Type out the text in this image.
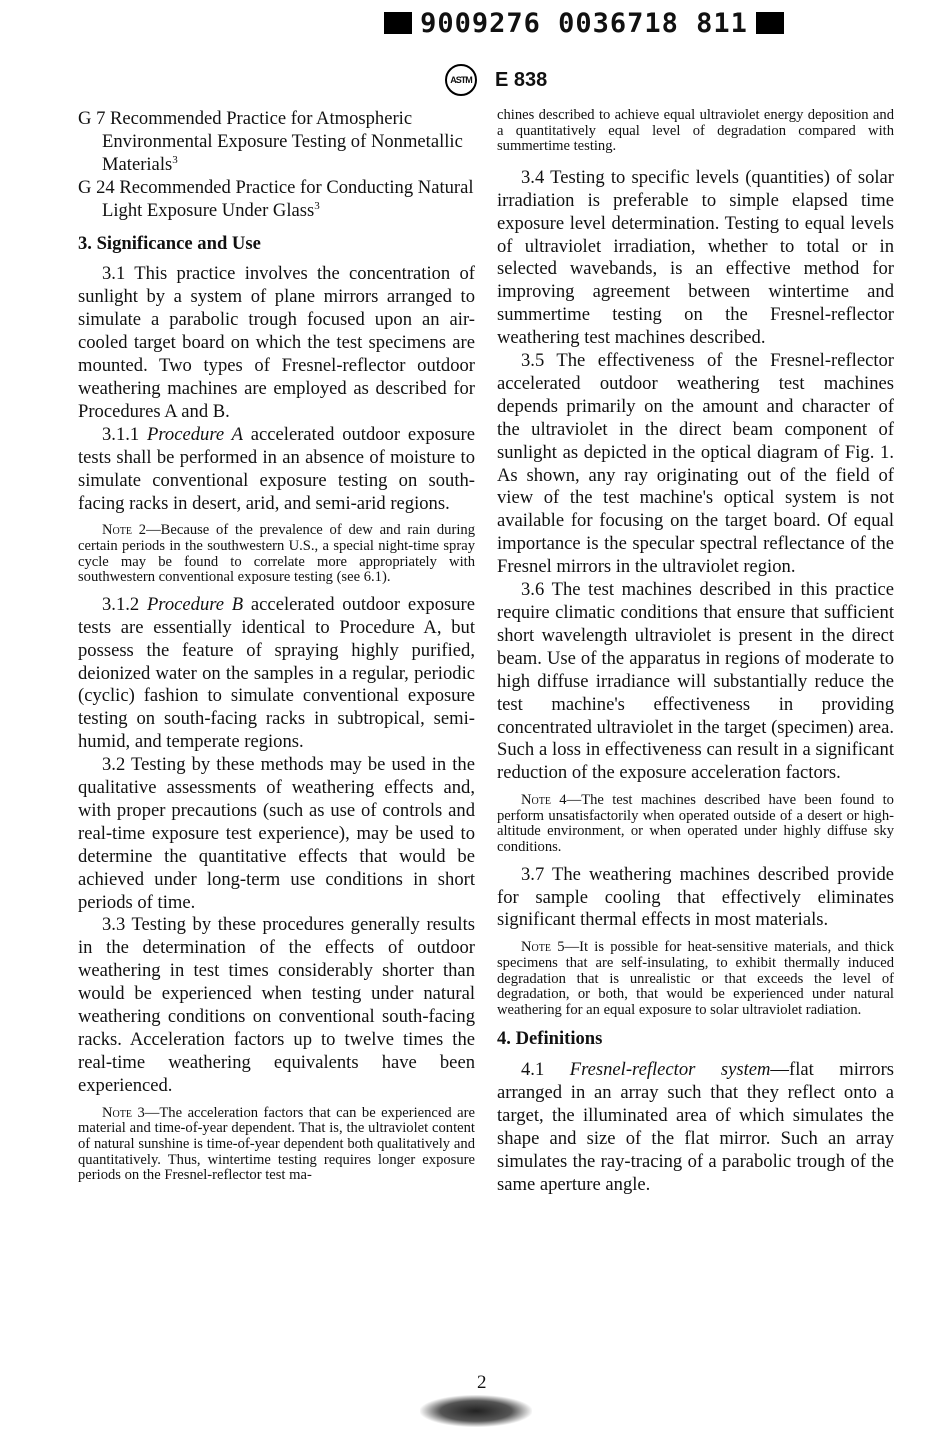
9009276 0036718 811
ASTM E 838

G 7 Recommended Practice for Atmospheric Environmental Exposure Testing of Nonmetallic Materials$^3$

G 24 Recommended Practice for Conducting Natural Light Exposure Under Glass$^3$

3. Significance and Use

3.1 This practice involves the concentration of sunlight by a system of plane mirrors arranged to simulate a parabolic trough focused upon an air-cooled target board on which the test specimens are mounted. Two types of Fresnel-reflector outdoor weathering machines are employed as described for Procedures A and B.

3.1.1 Procedure A accelerated outdoor exposure tests shall be performed in an absence of moisture to simulate conventional exposure testing on south-facing racks in desert, arid, and semi-arid regions.

Note 2—Because of the prevalence of dew and rain during certain periods in the southwestern U.S., a special night-time spray cycle may be found to correlate more appropriately with southwestern conventional exposure testing (see 6.1).

3.1.2 Procedure B accelerated outdoor exposure tests are essentially identical to Procedure A, but possess the feature of spraying highly purified, deionized water on the samples in a regular, periodic (cyclic) fashion to simulate conventional exposure testing on south-facing racks in subtropical, semi-humid, and temperate regions.

3.2 Testing by these methods may be used in the qualitative assessments of weathering effects and, with proper precautions (such as use of controls and real-time exposure test experience), may be used to determine the quantitative effects that would be achieved under long-term use conditions in short periods of time.

3.3 Testing by these procedures generally results in the determination of the effects of outdoor weathering in test times considerably shorter than would be experienced when testing under natural weathering conditions on conventional south-facing racks. Acceleration factors up to twelve times the real-time weathering equivalents have been experienced.

Note 3—The acceleration factors that can be experienced are material and time-of-year dependent. That is, the ultraviolet content of natural sunshine is time-of-year dependent both qualitatively and quantitatively. Thus, wintertime testing requires longer exposure periods on the Fresnel-reflector test ma-

chines described to achieve equal ultraviolet energy deposition and a quantitatively equal level of degradation compared with summertime testing.

3.4 Testing to specific levels (quantities) of solar irradiation is preferable to simple elapsed time exposure level determination. Testing to equal levels of ultraviolet irradiation, whether to total or in selected wavebands, is an effective method for improving agreement between wintertime and summertime testing on the Fresnel-reflector weathering test machines described.

3.5 The effectiveness of the Fresnel-reflector accelerated outdoor weathering test machines depends primarily on the amount and character of the ultraviolet in the direct beam component of sunlight as depicted in the optical diagram of Fig. 1. As shown, any ray originating out of the field of view of the test machine's optical system is not available for focusing on the target board. Of equal importance is the specular spectral reflectance of the Fresnel mirrors in the ultraviolet region.

3.6 The test machines described in this practice require climatic conditions that ensure that sufficient short wavelength ultraviolet is present in the direct beam. Use of the apparatus in regions of moderate to high diffuse irradiance will substantially reduce the test machine's effectiveness in providing concentrated ultraviolet in the target (specimen) area. Such a loss in effectiveness can result in a significant reduction of the exposure acceleration factors.

Note 4—The test machines described have been found to perform unsatisfactorily when operated outside of a desert or high-altitude environment, or when operated under highly diffuse sky conditions.

3.7 The weathering machines described provide for sample cooling that effectively eliminates significant thermal effects in most materials.

Note 5—It is possible for heat-sensitive materials, and thick specimens that are self-insulating, to exhibit thermally induced degradation that is unrealistic or that exceeds the level of degradation, or both, that would be experienced under natural weathering for an equal exposure to solar ultraviolet radiation.

4. Definitions

4.1 Fresnel-reflector system—flat mirrors arranged in an array such that they reflect onto a target, the illuminated area of which simulates the shape and size of the flat mirror. Such an array simulates the ray-tracing of a parabolic trough of the same aperture angle.

2
